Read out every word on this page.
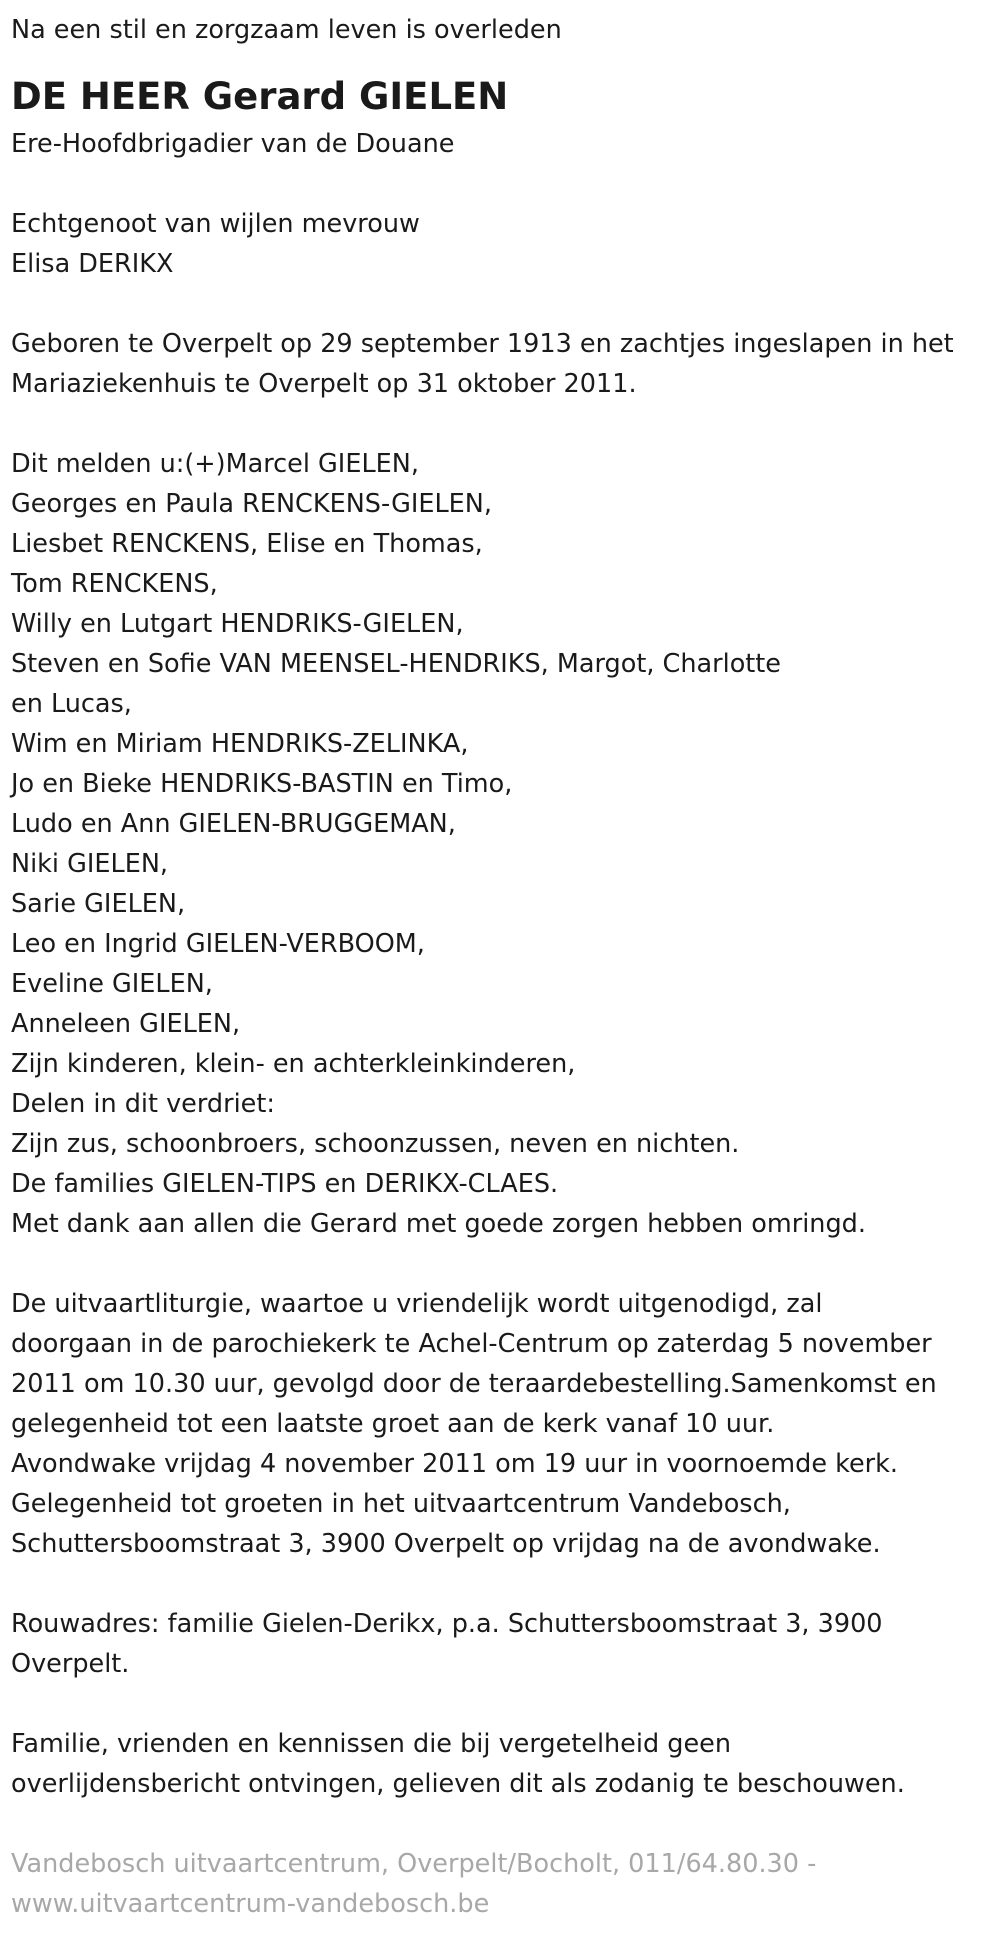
Na een stil en zorgzaam leven is overleden

DE HEER Gerard GIELEN

Ere-Hoofdbrigadier van de Douane

Echtgenoot van wijlen mevrouw

Elisa DERIKX

Geboren te Overpelt op 29 september 1913 en zachtjes ingeslapen in het

Mariaziekenhuis te Overpelt op 31 oktober 2011.

Dit melden u:(+)Marcel GIELEN,

Georges en Paula RENCKENS-GIELEN,

Liesbet RENCKENS, Elise en Thomas,

Tom RENCKENS,

Willy en Lutgart HENDRIKS-GIELEN,

Steven en Sofie VAN MEENSEL-HENDRIKS, Margot, Charlotte

en Lucas,

Wim en Miriam HENDRIKS-ZELINKA,

Jo en Bieke HENDRIKS-BASTIN en Timo,

Ludo en Ann GIELEN-BRUGGEMAN,

Niki GIELEN,

Sarie GIELEN,

Leo en Ingrid GIELEN-VERBOOM,

Eveline GIELEN,

Anneleen GIELEN,

Zijn kinderen, klein- en achterkleinkinderen,

Delen in dit verdriet:

Zijn zus, schoonbroers, schoonzussen, neven en nichten.

De families GIELEN-TIPS en DERIKX-CLAES.

Met dank aan allen die Gerard met goede zorgen hebben omringd.

De uitvaartliturgie, waartoe u vriendelijk wordt uitgenodigd, zal

doorgaan in de parochiekerk te Achel-Centrum op zaterdag 5 november

2011 om 10.30 uur, gevolgd door de teraardebestelling.Samenkomst en

gelegenheid tot een laatste groet aan de kerk vanaf 10 uur.

Avondwake vrijdag 4 november 2011 om 19 uur in voornoemde kerk.

Gelegenheid tot groeten in het uitvaartcentrum Vandebosch,

Schuttersboomstraat 3, 3900 Overpelt op vrijdag na de avondwake.

Rouwadres: familie Gielen-Derikx, p.a. Schuttersboomstraat 3, 3900

Overpelt.

Familie, vrienden en kennissen die bij vergetelheid geen

overlijdensbericht ontvingen, gelieven dit als zodanig te beschouwen.

Vandebosch uitvaartcentrum, Overpelt/Bocholt, 011/64.80.30 -

www.uitvaartcentrum-vandebosch.be
